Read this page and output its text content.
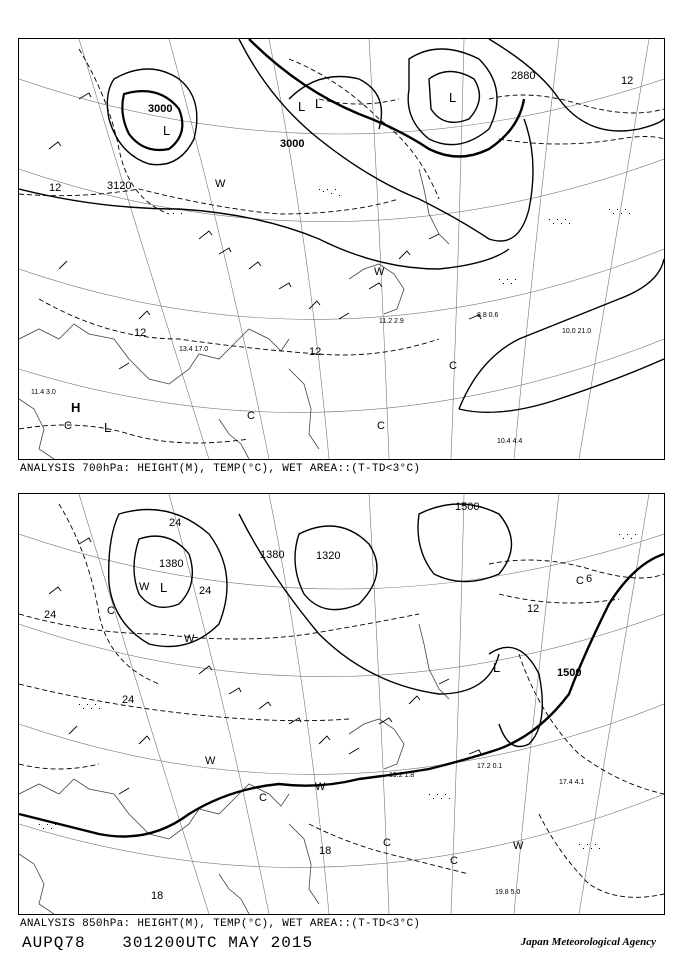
3000
3000
3120
2880
12
12
12
12
L
L L
L
H
L
C
C
C
C
W
W
10.0 21.0
8.8 0.6
11.2 2.9
10.4 4.4
11.4 3.0
13.4 17.0
ANALYSIS 700hPa: HEIGHT(M), TEMP(°C), WET AREA::(T-TD<3°C)
1380
1380
1500
1500
1320
24
24
24
24
18
18
12
6
L
L
W
W
W
W
W
C
C
C
C
C
19.8 5.0
17.4 4.1
17.2 0.1
19.2 1.8
ANALYSIS 850hPa: HEIGHT(M), TEMP(°C), WET AREA::(T-TD<3°C)
AUPQ78 301200UTC MAY 2015	Japan Meteorological Agency
